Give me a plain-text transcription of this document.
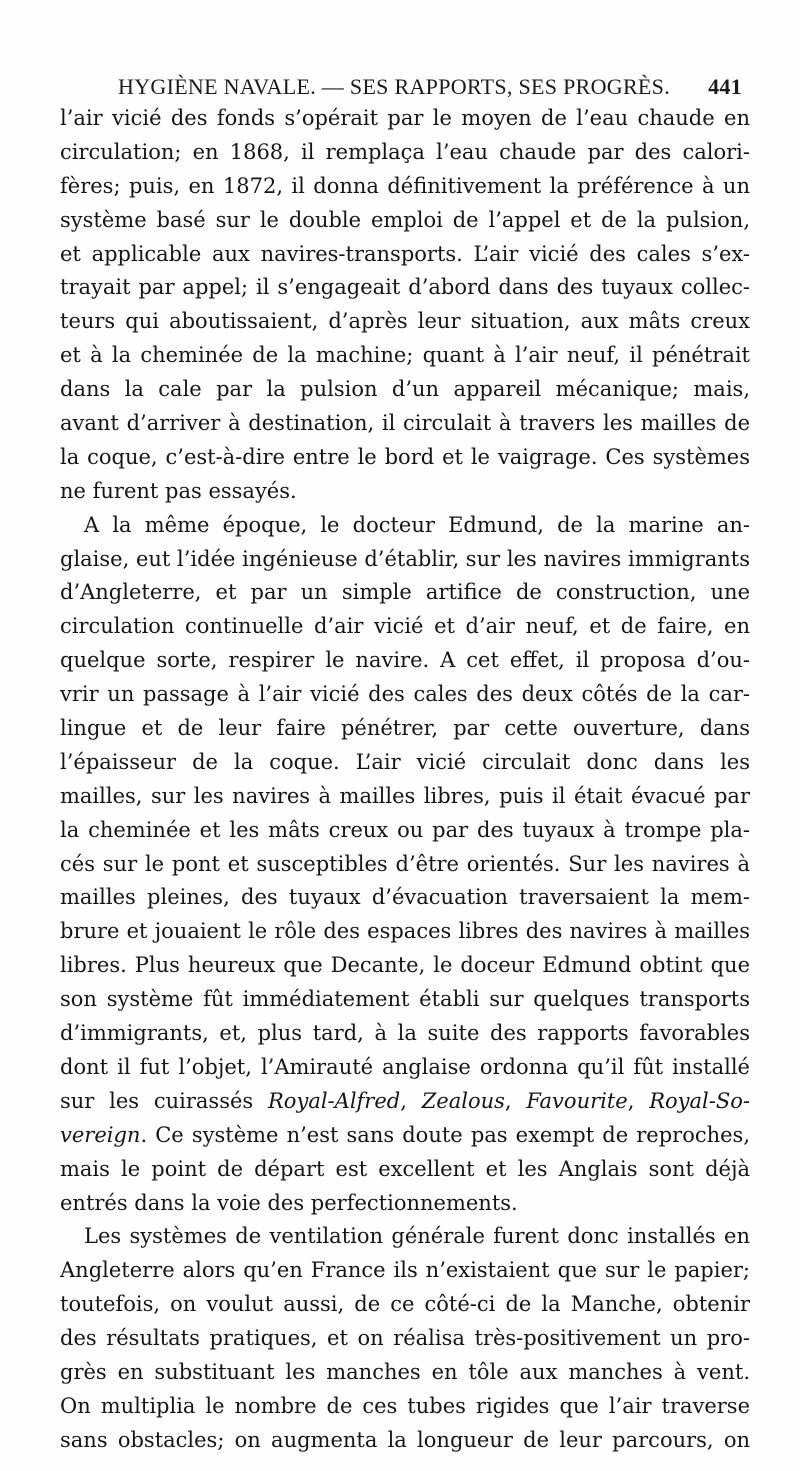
HYGIÈNE NAVALE. — SES RAPPORTS, SES PROGRÈS. 441
l’air vicié des fonds s’opérait par le moyen de l’eau chaude en
circulation; en 1868, il remplaça l’eau chaude par des calori-
fères; puis, en 1872, il donna définitivement la préférence à un
système basé sur le double emploi de l’appel et de la pulsion,
et applicable aux navires-transports. L’air vicié des cales s’ex-
trayait par appel; il s’engageait d’abord dans des tuyaux collec-
teurs qui aboutissaient, d’après leur situation, aux mâts creux
et à la cheminée de la machine; quant à l’air neuf, il pénétrait
dans la cale par la pulsion d’un appareil mécanique; mais,
avant d’arriver à destination, il circulait à travers les mailles de
la coque, c’est-à-dire entre le bord et le vaigrage. Ces systèmes
ne furent pas essayés.
A la même époque, le docteur Edmund, de la marine an-
glaise, eut l’idée ingénieuse d’établir, sur les navires immigrants
d’Angleterre, et par un simple artifice de construction, une
circulation continuelle d’air vicié et d’air neuf, et de faire, en
quelque sorte, respirer le navire. A cet effet, il proposa d’ou-
vrir un passage à l’air vicié des cales des deux côtés de la car-
lingue et de leur faire pénétrer, par cette ouverture, dans
l’épaisseur de la coque. L’air vicié circulait donc dans les
mailles, sur les navires à mailles libres, puis il était évacué par
la cheminée et les mâts creux ou par des tuyaux à trompe pla-
cés sur le pont et susceptibles d’être orientés. Sur les navires à
mailles pleines, des tuyaux d’évacuation traversaient la mem-
brure et jouaient le rôle des espaces libres des navires à mailles
libres. Plus heureux que Decante, le doceur Edmund obtint que
son système fût immédiatement établi sur quelques transports
d’immigrants, et, plus tard, à la suite des rapports favorables
dont il fut l’objet, l’Amirauté anglaise ordonna qu’il fût installé
sur les cuirassés Royal-Alfred, Zealous, Favourite, Royal-So-
vereign. Ce système n’est sans doute pas exempt de reproches,
mais le point de départ est excellent et les Anglais sont déjà
entrés dans la voie des perfectionnements.
Les systèmes de ventilation générale furent donc installés en
Angleterre alors qu’en France ils n’existaient que sur le papier;
toutefois, on voulut aussi, de ce côté-ci de la Manche, obtenir
des résultats pratiques, et on réalisa très-positivement un pro-
grès en substituant les manches en tôle aux manches à vent.
On multiplia le nombre de ces tubes rigides que l’air traverse
sans obstacles; on augmenta la longueur de leur parcours, on
